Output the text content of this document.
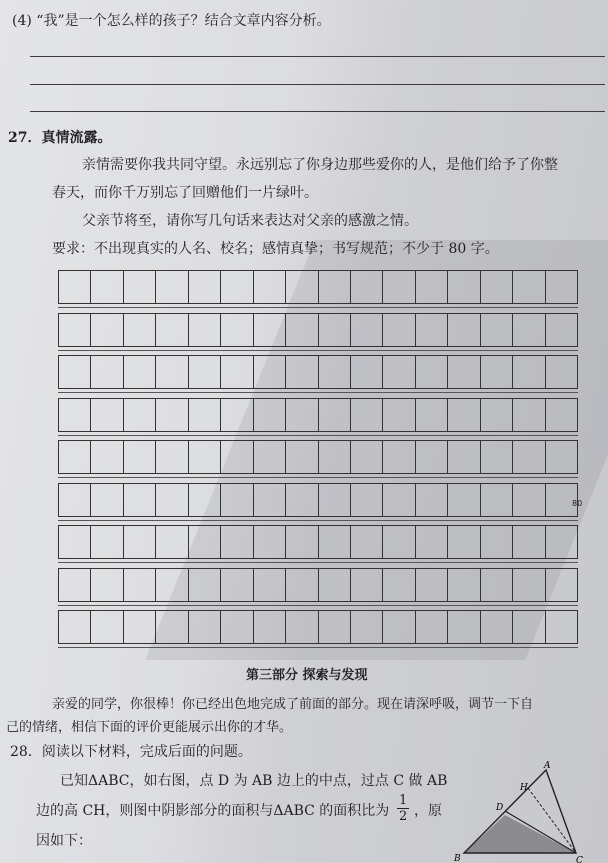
(4) “我”是一个怎么样的孩子？结合文章内容分析。
27．真情流露。
亲情需要你我共同守望。永远别忘了你身边那些爱你的人，是他们给予了你整
春天，而你千万别忘了回赠他们一片绿叶。
父亲节将至，请你写几句话来表达对父亲的感激之情。
要求：不出现真实的人名、校名；感情真挚；书写规范；不少于 80 字。
80
第三部分 探索与发现
亲爱的同学，你很棒！你已经出色地完成了前面的部分。现在请深呼吸，调节一下自
己的情绪，相信下面的评价更能展示出你的才华。
28．阅读以下材料，完成后面的问题。
已知ΔABC，如右图，点 D 为 AB 边上的中点，过点 C 做 AB
边的高 CH，则图中阴影部分的面积与ΔABC 的面积比为 $\frac{1}{2}$ ，原
因如下：
A
B	C
D
H
